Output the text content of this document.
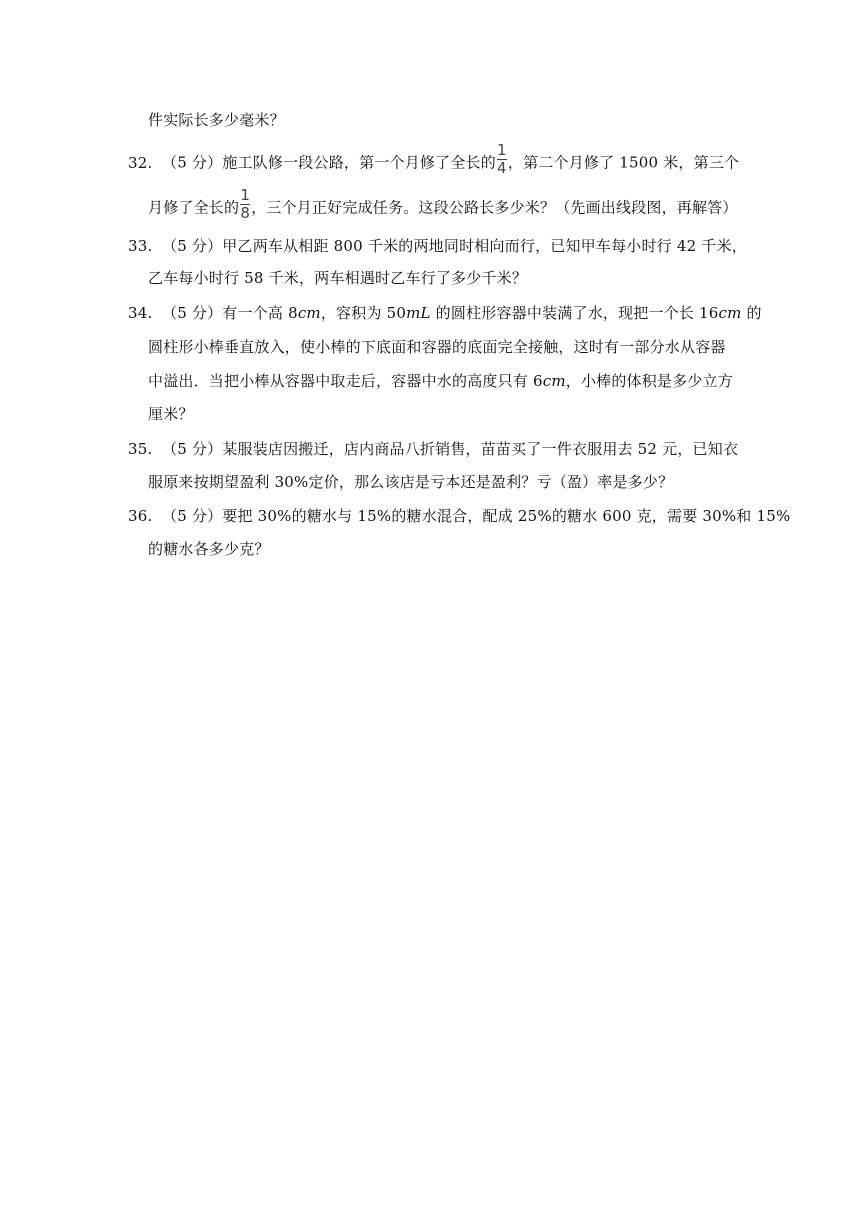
件实际长多少毫米？
32. （5 分）施工队修一段公路，第一个月修了全长的 $\frac{1}{4}$ ，第二个月修了 1500 米，第三个
月修了全长的 $\frac{1}{8}$ ，三个月正好完成任务。这段公路长多少米？（先画出线段图，再解答）
33. （5 分）甲乙两车从相距 800 千米的两地同时相向而行，已知甲车每小时行 42 千米，
乙车每小时行 58 千米，两车相遇时乙车行了多少千米？
34. （5 分）有一个高 8cm，容积为 50mL 的圆柱形容器中装满了水，现把一个长 16cm 的
圆柱形小棒垂直放入，使小棒的下底面和容器的底面完全接触，这时有一部分水从容器
中溢出．当把小棒从容器中取走后，容器中水的高度只有 6cm，小棒的体积是多少立方
厘米？
35. （5 分）某服装店因搬迁，店内商品八折销售，苗苗买了一件衣服用去 52 元，已知衣
服原来按期望盈利 30%定价，那么该店是亏本还是盈利？亏（盈）率是多少？
36. （5 分）要把 30%的糖水与 15%的糖水混合，配成 25%的糖水 600 克，需要 30%和 15%
的糖水各多少克？
